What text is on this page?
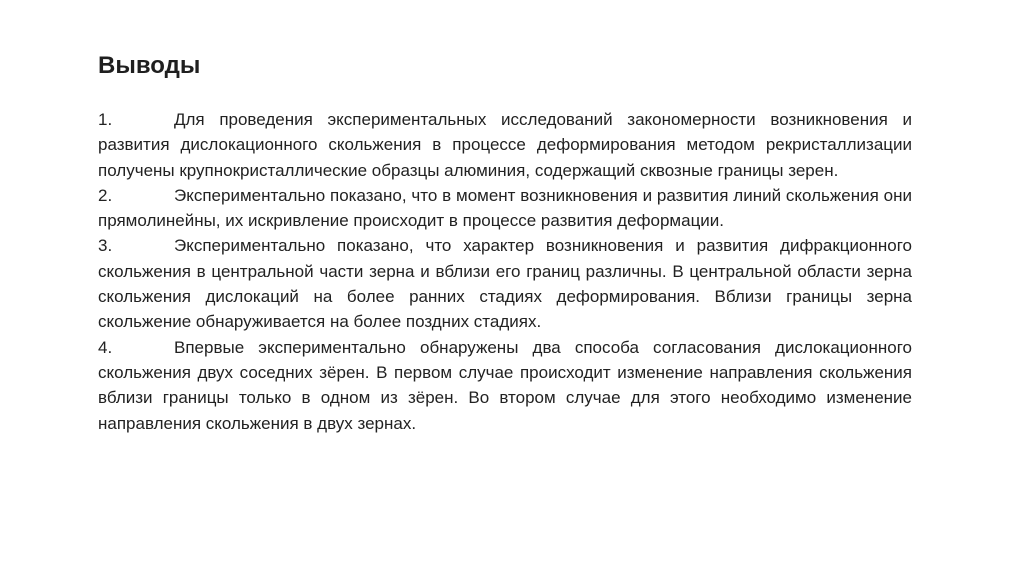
Выводы

1.	Для проведения экспериментальных исследований закономерности возникновения и развития дислокационного скольжения в процессе деформирования методом рекристаллизации получены крупнокристаллические образцы алюминия, содержащий сквозные границы зерен.

2.	Экспериментально показано, что в момент возникновения и развития линий скольжения они прямолинейны, их искривление происходит в процессе развития деформации.

3.	Экспериментально показано, что характер возникновения и развития дифракционного скольжения в центральной части зерна и вблизи его границ различны. В центральной области зерна скольжения дислокаций на более ранних стадиях деформирования. Вблизи границы зерна скольжение обнаруживается на более поздних стадиях.

4.	Впервые экспериментально обнаружены два способа согласования дислокационного скольжения двух соседних зёрен. В первом случае происходит изменение направления скольжения вблизи границы только в одном из зёрен. Во втором случае для этого необходимо изменение направления скольжения в двух зернах.
